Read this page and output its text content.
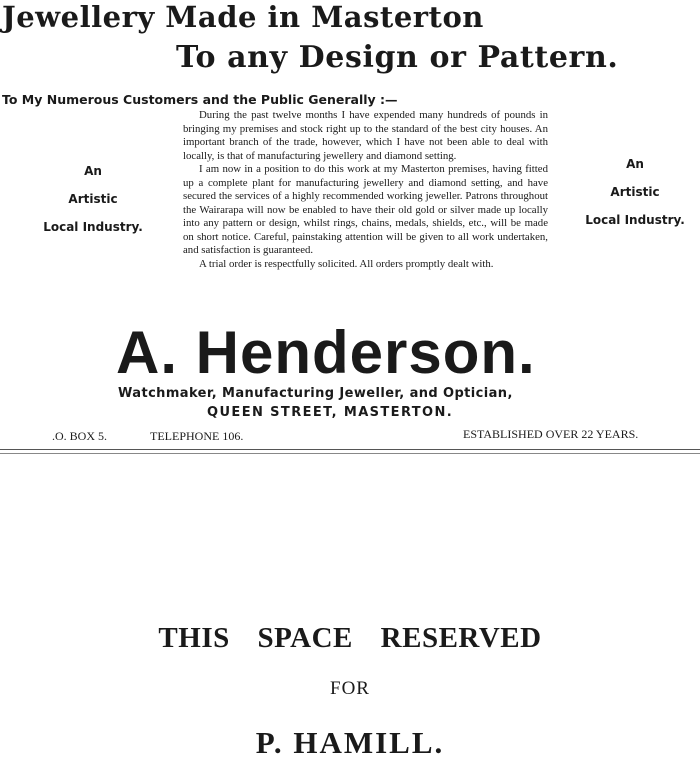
Jewellery Made in Masterton
To any Design or Pattern.
To My Numerous Customers and the Public Generally :—
An
Artistic
Local Industry.
An
Artistic
Local Industry.

During the past twelve months I have expended many hundreds of pounds in bringing my premises and stock right up to the standard of the best city houses. An important branch of the trade, however, which I have not been able to deal with locally, is that of manufacturing jewellery and diamond setting.

I am now in a position to do this work at my Masterton premises, having fitted up a complete plant for manufacturing jewellery and diamond setting, and have secured the services of a highly recommended working jeweller. Patrons throughout the Wairarapa will now be enabled to have their old gold or silver made up locally into any pattern or design, whilst rings, chains, medals, shields, etc., will be made on short notice. Careful, painstaking attention will be given to all work undertaken, and satisfaction is guaranteed.

A trial order is respectfully solicited. All orders promptly dealt with.

A. Henderson.
Watchmaker, Manufacturing Jeweller, and Optician,
QUEEN STREET, MASTERTON.
.O. BOX 5.	TELEPHONE 106.	ESTABLISHED OVER 22 YEARS.
THIS SPACE RESERVED
FOR
P. HAMILL.
